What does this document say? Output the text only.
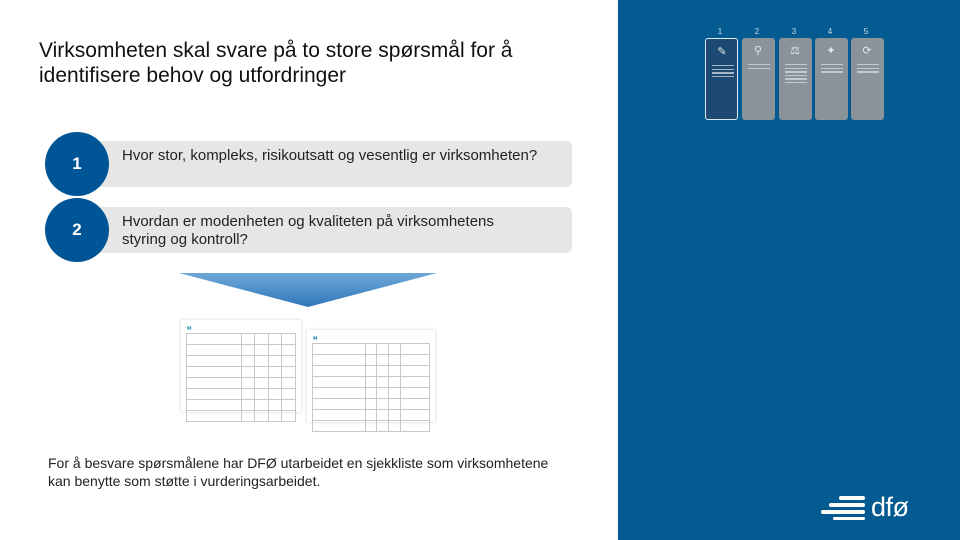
Virksomheten skal svare på to store spørsmål for å identifisere behov og utfordringer
1	Hvor stor, kompleks, risikoutsatt og vesentlig er virksomheten?
2	Hvordan er modenheten og kvaliteten på virksomhetens styring og kontroll?
▮▮

▮▮

For å besvare spørsmålene har DFØ utarbeidet en sjekkliste som virksomhetene kan benytte som støtte i vurderingsarbeidet.

1
✎
2
⚲
3
⚖
4
✦
5
⟳
dfø
